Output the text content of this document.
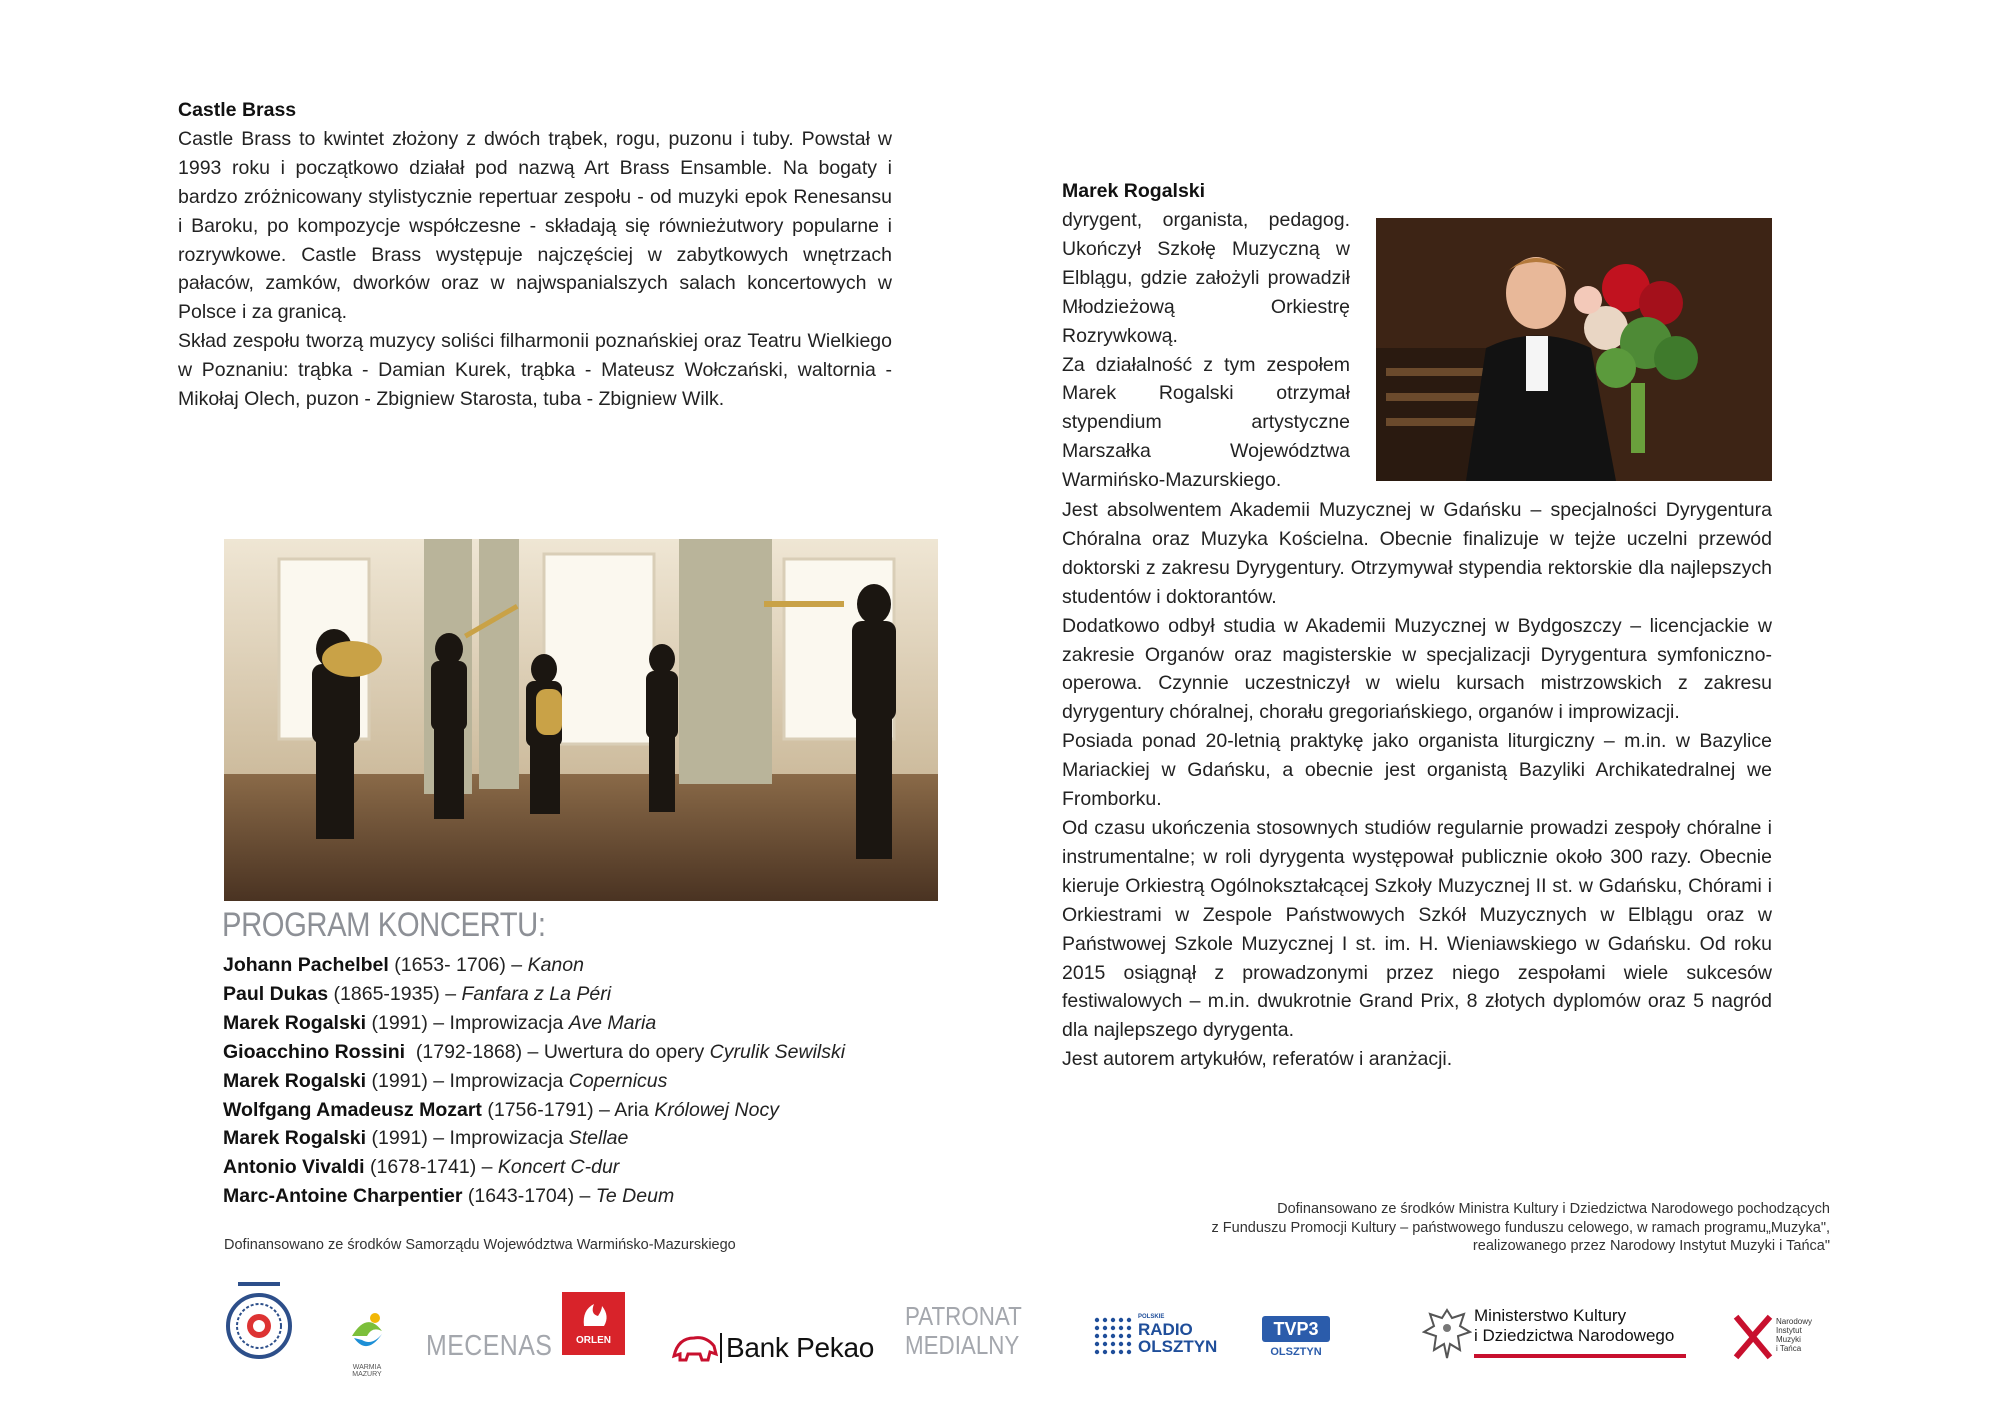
Castle Brass

Castle Brass to kwintet złożony z dwóch trąbek, rogu, puzonu i tuby. Powstał w 1993 roku i początkowo działał pod nazwą Art Brass Ensamble. Na bogaty i bardzo zróżnicowany stylistycznie repertuar zespołu - od muzyki epok Renesansu i Baroku, po kompozycje współczesne - składają się równieżutwory popularne i rozrywkowe. Castle Brass występuje najczęściej w zabytkowych wnętrzach pałaców, zamków, dworków oraz w najwspanialszych salach koncertowych w Polsce i za granicą.

Skład zespołu tworzą muzycy soliści filharmonii poznańskiej oraz Teatru Wielkiego w Poznaniu: trąbka - Damian Kurek, trąbka - Mateusz Wołczański, waltornia - Mikołaj Olech, puzon - Zbigniew Starosta, tuba - Zbigniew Wilk.

PROGRAM KONCERTU:
Johann Pachelbel (1653- 1706) – Kanon
Paul Dukas (1865-1935) – Fanfara z La Péri
Marek Rogalski (1991) – Improwizacja Ave Maria
Gioacchino Rossini  (1792-1868) – Uwertura do opery Cyrulik Sewilski
Marek Rogalski (1991) – Improwizacja Copernicus
Wolfgang Amadeusz Mozart (1756-1791) – Aria Królowej Nocy
Marek Rogalski (1991) – Improwizacja Stellae
Antonio Vivaldi (1678-1741) – Koncert C-dur
Marc-Antoine Charpentier (1643-1704) – Te Deum

Marek Rogalski

dyrygent, organista, pedagog. Ukończył Szkołę Muzyczną w Elblągu, gdzie założyli prowadził Młodzieżową Orkiestrę Rozrywkową.

Za działalność z tym zespołem Marek Rogalski otrzymał stypendium artystyczne Marszałka Województwa Warmińsko-Mazurskiego.

Jest absolwentem Akademii Muzycznej w Gdańsku – specjalności Dyrygentura Chóralna oraz Muzyka Kościelna. Obecnie finalizuje w tejże uczelni przewód doktorski z zakresu Dyrygentury. Otrzymywał stypendia rektorskie dla najlepszych studentów i doktorantów.

Dodatkowo odbył studia w Akademii Muzycznej w Bydgoszczy – licencjackie w zakresie Organów oraz magisterskie w specjalizacji Dyrygentura symfoniczno-operowa. Czynnie uczestniczył w wielu kursach mistrzowskich z zakresu dyrygentury chóralnej, chorału gregoriańskiego, organów i improwizacji.

Posiada ponad 20-letnią praktykę jako organista liturgiczny – m.in. w Bazylice Mariackiej w Gdańsku, a obecnie jest organistą Bazyliki Archikatedralnej we Fromborku.

Od czasu ukończenia stosownych studiów regularnie prowadzi zespoły chóralne i instrumentalne; w roli dyrygenta występował publicznie około 300 razy. Obecnie kieruje Orkiestrą Ogólnokształcącej Szkoły Muzycznej II st. w Gdańsku, Chórami i Orkiestrami w Zespole Państwowych Szkół Muzycznych w Elblągu oraz w Państwowej Szkole Muzycznej I st. im. H. Wieniawskiego w Gdańsku. Od roku 2015 osiągnął z prowadzonymi przez niego zespołami wiele sukcesów festiwalowych – m.in. dwukrotnie Grand Prix, 8 złotych dyplomów oraz 5 nagród dla najlepszego dyrygenta.

Jest autorem artykułów, referatów i aranżacji.

Dofinansowano ze środków Samorządu Województwa Warmińsko-Mazurskiego
Dofinansowano ze środków Ministra Kultury i Dziedzictwa Narodowego pochodzących
z Funduszu Promocji Kultury – państwowego funduszu celowego, w ramach programu„Muzyka",
realizowanego przez Narodowy Instytut Muzyki i Tańca"
WARMIA MAZURY
MECENAS	ORLEN	Bank Pekao
PATRONAT
MEDIALNY
POLSKIE
RADIO
OLSZTYN
TVP3
OLSZTYN
Ministerstwo Kultury
i Dziedzictwa Narodowego
Narodowy
Instytut
Muzyki
i Tańca
